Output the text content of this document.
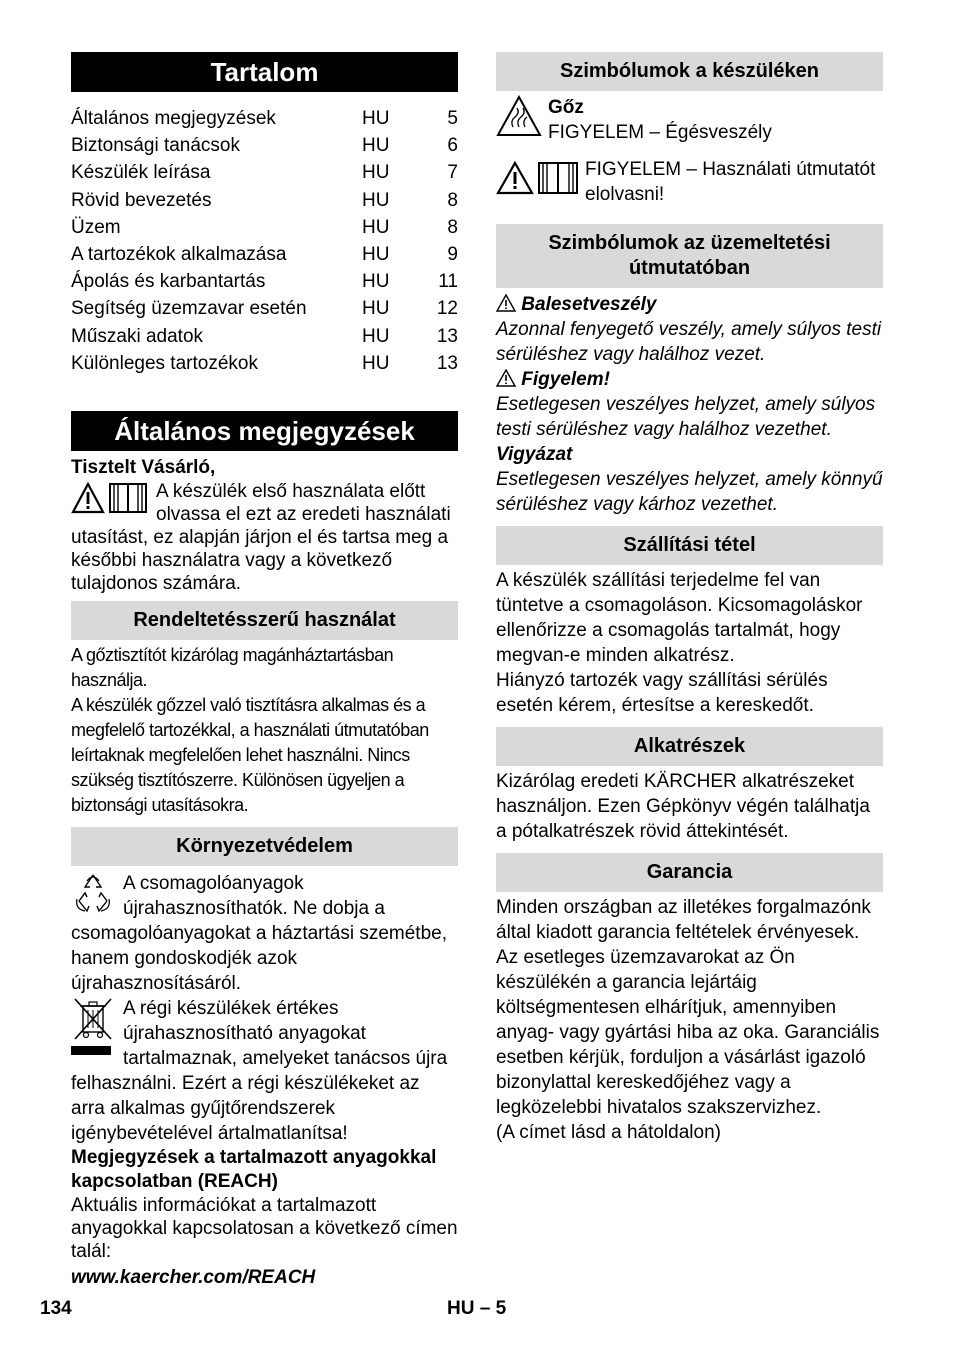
Tartalom
Általános megjegyzések	HU	5
Biztonsági tanácsok	HU	6
Készülék leírása	HU	7
Rövid bevezetés	HU	8
Üzem	HU	8
A tartozékok alkalmazása	HU	9
Ápolás és karbantartás	HU	11
Segítség üzemzavar esetén	HU	12
Műszaki adatok	HU	13
Különleges tartozékok	HU	13
Általános megjegyzések

Tisztelt Vásárló,

A készülék első használata előtt olvassa el ezt az eredeti használati utasítást, ez alapján járjon el és tartsa meg a későbbi használatra vagy a következő tulajdonos számára.

Rendeltetésszerű használat

A gőztisztítót kizárólag magánháztartásban használja.

A készülék gőzzel való tisztításra alkalmas és a megfelelő tartozékkal, a használati útmutatóban leírtaknak megfelelően lehet használni. Nincs szükség tisztítószerre. Különösen ügyeljen a biztonsági utasításokra.

Környezetvédelem

A csomagolóanyagok újrahasznosíthatók. Ne dobja a csomagolóanyagokat a háztartási szemétbe, hanem gondoskodjék azok újrahasznosításáról.

A régi készülékek értékes újrahasznosítható anyagokat tartalmaznak, amelyeket tanácsos újra felhasználni. Ezért a régi készülékeket az arra alkalmas gyűjtőrendszerek igénybevételével ártalmatlanítsa!

Megjegyzések a tartalmazott anyagokkal kapcsolatban (REACH)

Aktuális információkat a tartalmazott anyagokkal kapcsolatosan a következő címen talál:

www.kaercher.com/REACH

Szimbólumok a készüléken

Gőz

FIGYELEM – Égésveszély

FIGYELEM – Használati útmutatót elolvasni!

Szimbólumok az üzemeltetési útmutatóban

Balesetveszély

Azonnal fenyegető veszély, amely súlyos testi sérüléshez vagy halálhoz vezet.

Figyelem!

Esetlegesen veszélyes helyzet, amely súlyos testi sérüléshez vagy halálhoz vezethet.

Vigyázat

Esetlegesen veszélyes helyzet, amely könnyű sérüléshez vagy kárhoz vezethet.

Szállítási tétel

A készülék szállítási terjedelme fel van tüntetve a csomagoláson. Kicsomagoláskor ellenőrizze a csomagolás tartalmát, hogy megvan-e minden alkatrész.

Hiányzó tartozék vagy szállítási sérülés esetén kérem, értesítse a kereskedőt.

Alkatrészek

Kizárólag eredeti KÄRCHER alkatrészeket használjon. Ezen Gépkönyv végén találhatja a pótalkatrészek rövid áttekintését.

Garancia

Minden országban az illetékes forgalmazónk által kiadott garancia feltételek érvényesek. Az esetleges üzemzavarokat az Ön készülékén a garancia lejártáig költségmentesen elhárítjuk, amennyiben anyag- vagy gyártási hiba az oka. Garanciális esetben kérjük, forduljon a vásárlást igazoló bizonylattal kereskedőjéhez vagy a legközelebbi hivatalos szakszervizhez.

(A címet lásd a hátoldalon)

134	HU – 5
